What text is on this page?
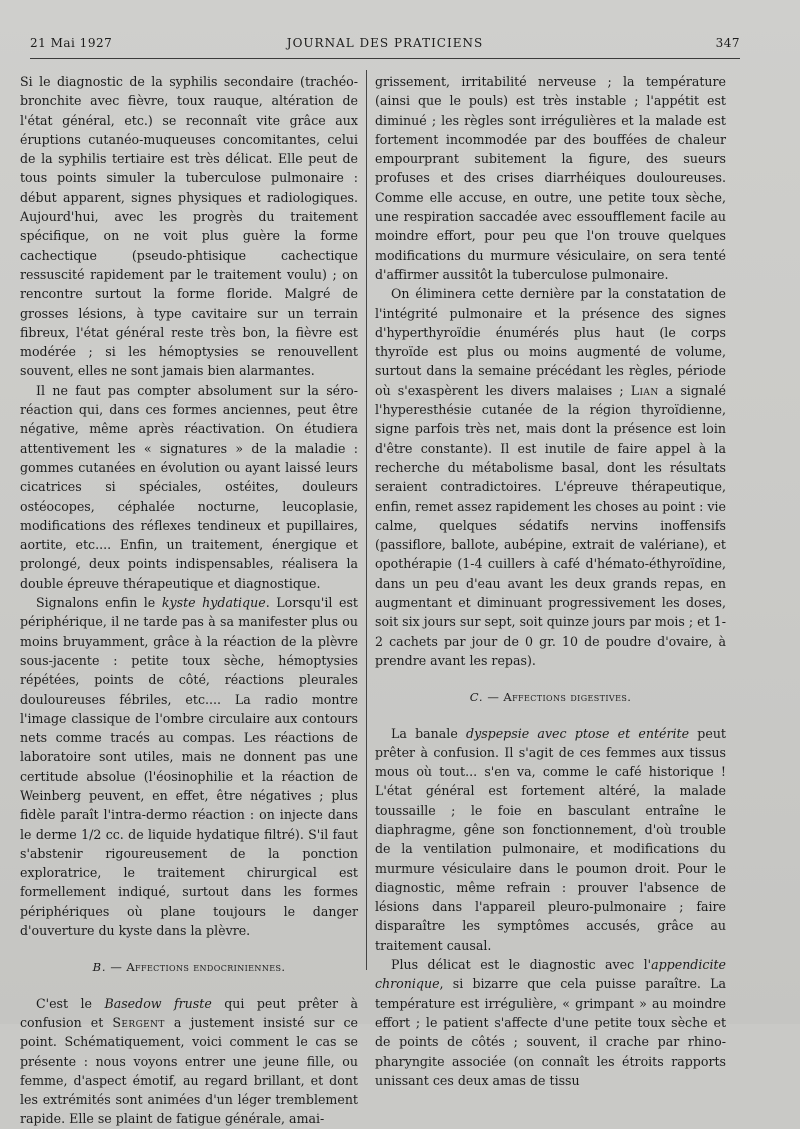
21 Mai 1927	JOURNAL DES PRATICIENS	347

Si le diagnostic de la syphilis secondaire (trachéo-bronchite avec fièvre, toux rauque, altération de l'état général, etc.) se reconnaît vite grâce aux éruptions cutanéo-muqueuses concomitantes, celui de la syphilis tertiaire est très délicat. Elle peut de tous points simuler la tuberculose pulmonaire : début apparent, signes physiques et radiologiques. Aujourd'hui, avec les progrès du traitement spécifique, on ne voit plus guère la forme cachectique (pseudo-phtisique cachectique ressuscité rapidement par le traitement voulu) ; on rencontre surtout la forme floride. Malgré de grosses lésions, à type cavitaire sur un terrain fibreux, l'état général reste très bon, la fièvre est modérée ; si les hémoptysies se renouvellent souvent, elles ne sont jamais bien alarmantes.

Il ne faut pas compter absolument sur la séro-réaction qui, dans ces formes anciennes, peut être négative, même après réactivation. On étudiera attentivement les « signatures » de la maladie : gommes cutanées en évolution ou ayant laissé leurs cicatrices si spéciales, ostéites, douleurs ostéocopes, céphalée nocturne, leucoplasie, modifications des réflexes tendineux et pupillaires, aortite, etc.... Enfin, un traitement, énergique et prolongé, deux points indispensables, réalisera la double épreuve thérapeutique et diagnostique.

Signalons enfin le kyste hydatique. Lorsqu'il est périphérique, il ne tarde pas à sa manifester plus ou moins bruyamment, grâce à la réaction de la plèvre sous-jacente : petite toux sèche, hémoptysies répétées, points de côté, réactions pleurales douloureuses fébriles, etc.... La radio montre l'image classique de l'ombre circulaire aux contours nets comme tracés au compas. Les réactions de laboratoire sont utiles, mais ne donnent pas une certitude absolue (l'éosinophilie et la réaction de Weinberg peuvent, en effet, être négatives ; plus fidèle paraît l'intra-dermo réaction : on injecte dans le derme 1/2 cc. de liquide hydatique filtré). S'il faut s'abstenir rigoureusement de la ponction exploratrice, le traitement chirurgical est formellement indiqué, surtout dans les formes périphériques où plane toujours le danger d'ouverture du kyste dans la plèvre.

B. — Affections endocriniennes.

C'est le Basedow fruste qui peut prêter à confusion et Sergent a justement insisté sur ce point. Schématiquement, voici comment le cas se présente : nous voyons entrer une jeune fille, ou femme, d'aspect émotif, au regard brillant, et dont les extrémités sont animées d'un léger tremblement rapide. Elle se plaint de fatigue générale, amai-

grissement, irritabilité nerveuse ; la température (ainsi que le pouls) est très instable ; l'appétit est diminué ; les règles sont irrégulières et la malade est fortement incommodée par des bouffées de chaleur empourprant subitement la figure, des sueurs profuses et des crises diarrhéiques douloureuses. Comme elle accuse, en outre, une petite toux sèche, une respiration saccadée avec essoufflement facile au moindre effort, pour peu que l'on trouve quelques modifications du murmure vésiculaire, on sera tenté d'affirmer aussitôt la tuberculose pulmonaire.

On éliminera cette dernière par la constatation de l'intégrité pulmonaire et la présence des signes d'hyperthyroïdie énumérés plus haut (le corps thyroïde est plus ou moins augmenté de volume, surtout dans la semaine précédant les règles, période où s'exaspèrent les divers malaises ; Lian a signalé l'hyperesthésie cutanée de la région thyroïdienne, signe parfois très net, mais dont la présence est loin d'être constante). Il est inutile de faire appel à la recherche du métabolisme basal, dont les résultats seraient contradictoires. L'épreuve thérapeutique, enfin, remet assez rapidement les choses au point : vie calme, quelques sédatifs nervins inoffensifs (passiflore, ballote, aubépine, extrait de valériane), et opothérapie (1-4 cuillers à café d'hémato-éthyroïdine, dans un peu d'eau avant les deux grands repas, en augmentant et diminuant progressivement les doses, soit six jours sur sept, soit quinze jours par mois ; et 1-2 cachets par jour de 0 gr. 10 de poudre d'ovaire, à prendre avant les repas).

C. — Affections digestives.

La banale dyspepsie avec ptose et entérite peut prêter à confusion. Il s'agit de ces femmes aux tissus mous où tout... s'en va, comme le café historique ! L'état général est fortement altéré, la malade toussaille ; le foie en basculant entraîne le diaphragme, gêne son fonctionnement, d'où trouble de la ventilation pulmonaire, et modifications du murmure vésiculaire dans le poumon droit. Pour le diagnostic, même refrain : prouver l'absence de lésions dans l'appareil pleuro-pulmonaire ; faire disparaître les symptômes accusés, grâce au traitement causal.

Plus délicat est le diagnostic avec l'appendicite chronique, si bizarre que cela puisse paraître. La température est irrégulière, « grimpant » au moindre effort ; le patient s'affecte d'une petite toux sèche et de points de côtés ; souvent, il crache par rhino-pharyngite associée (on connaît les étroits rapports unissant ces deux amas de tissu
